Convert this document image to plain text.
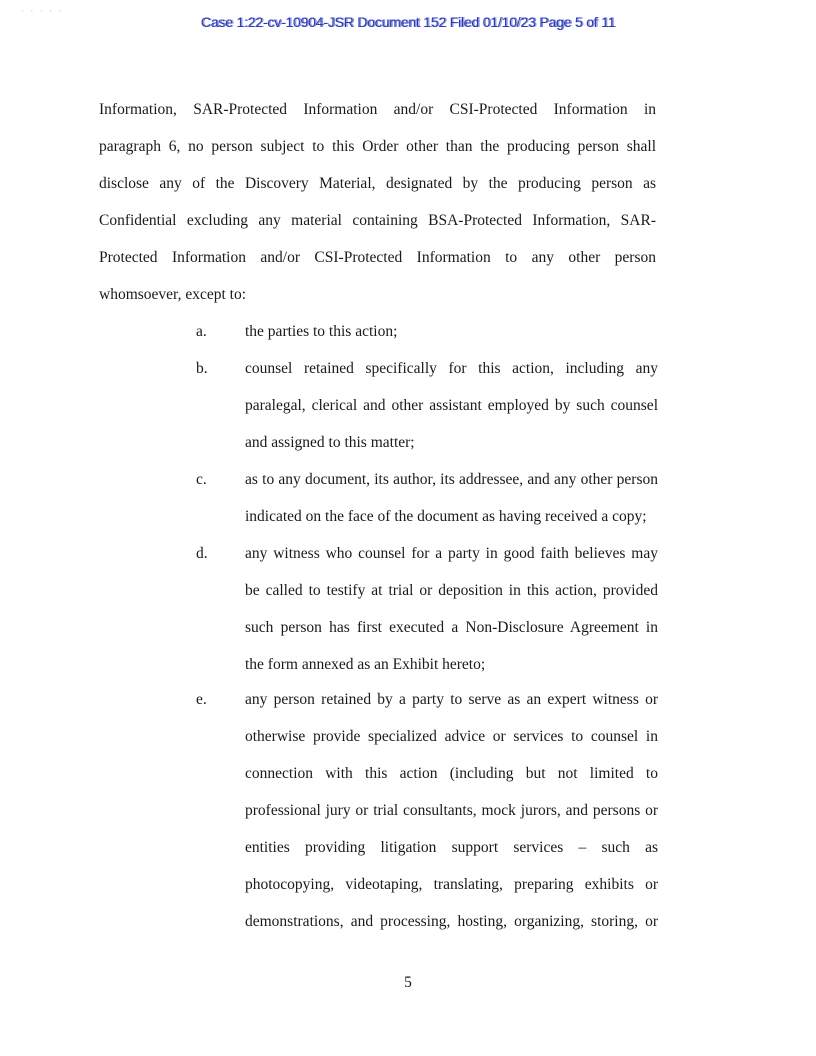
' ' ' ' '
Case 1:22-cv-10904-JSR Document 152 Filed 01/10/23 Page 5 of 11
Information, SAR-Protected Information and/or CSI-Protected Information in
paragraph 6, no person subject to this Order other than the producing person shall
disclose any of the Discovery Material, designated by the producing person as
Confidential excluding any material containing BSA-Protected Information, SAR-
Protected Information and/or CSI-Protected Information to any other person
whomsoever, except to:
a. the parties to this action;
b. counsel retained specifically for this action, including any
paralegal, clerical and other assistant employed by such counsel
and assigned to this matter;
c. as to any document, its author, its addressee, and any other person
indicated on the face of the document as having received a copy;
d. any witness who counsel for a party in good faith believes may
be called to testify at trial or deposition in this action, provided
such person has first executed a Non-Disclosure Agreement in
the form annexed as an Exhibit hereto;
e. any person retained by a party to serve as an expert witness or
otherwise provide specialized advice or services to counsel in
connection with this action (including but not limited to
professional jury or trial consultants, mock jurors, and persons or
entities providing litigation support services – such as
photocopying, videotaping, translating, preparing exhibits or
demonstrations, and processing, hosting, organizing, storing, or
5
